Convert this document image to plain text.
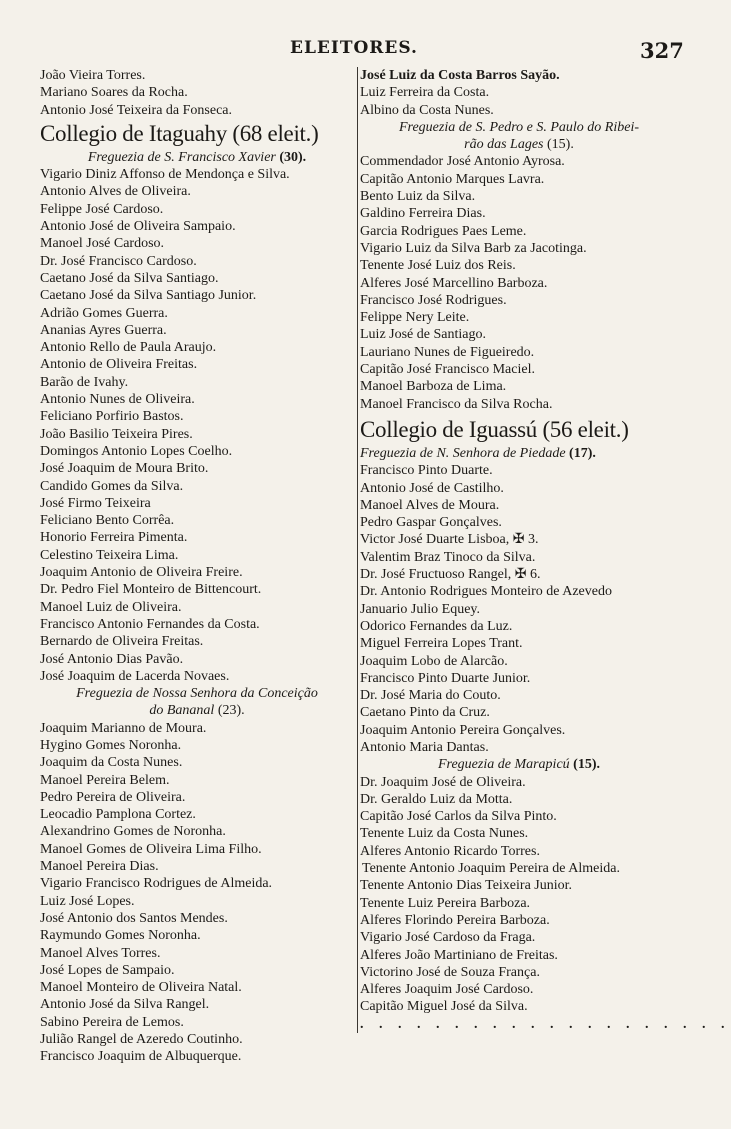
ELEITORES.	327
João Vieira Torres.
Mariano Soares da Rocha.
Antonio José Teixeira da Fonseca.
Collegio de Itaguahy (68 eleit.)
Freguezia de S. Francisco Xavier (30).
Vigario Diniz Affonso de Mendonça e Silva.
Antonio Alves de Oliveira.
Felippe José Cardoso.
Antonio José de Oliveira Sampaio.
Manoel José Cardoso.
Dr. José Francisco Cardoso.
Caetano José da Silva Santiago.
Caetano José da Silva Santiago Junior.
Adrião Gomes Guerra.
Ananias Ayres Guerra.
Antonio Rello de Paula Araujo.
Antonio de Oliveira Freitas.
Barão de Ivahy.
Antonio Nunes de Oliveira.
Feliciano Porfirio Bastos.
João Basilio Teixeira Pires.
Domingos Antonio Lopes Coelho.
José Joaquim de Moura Brito.
Candido Gomes da Silva.
José Firmo Teixeira
Feliciano Bento Corrêa.
Honorio Ferreira Pimenta.
Celestino Teixeira Lima.
Joaquim Antonio de Oliveira Freire.
Dr. Pedro Fiel Monteiro de Bittencourt.
Manoel Luiz de Oliveira.
Francisco Antonio Fernandes da Costa.
Bernardo de Oliveira Freitas.
José Antonio Dias Pavão.
José Joaquim de Lacerda Novaes.
Freguezia de Nossa Senhora da Conceição
do Bananal (23).
Joaquim Marianno de Moura.
Hygino Gomes Noronha.
Joaquim da Costa Nunes.
Manoel Pereira Belem.
Pedro Pereira de Oliveira.
Leocadio Pamplona Cortez.
Alexandrino Gomes de Noronha.
Manoel Gomes de Oliveira Lima Filho.
Manoel Pereira Dias.
Vigario Francisco Rodrigues de Almeida.
Luiz José Lopes.
José Antonio dos Santos Mendes.
Raymundo Gomes Noronha.
Manoel Alves Torres.
José Lopes de Sampaio.
Manoel Monteiro de Oliveira Natal.
Antonio José da Silva Rangel.
Sabino Pereira de Lemos.
Julião Rangel de Azeredo Coutinho.
Francisco Joaquim de Albuquerque.
José Luiz da Costa Barros Sayão.
Luiz Ferreira da Costa.
Albino da Costa Nunes.
Freguezia de S. Pedro e S. Paulo do Ribei-
rão das Lages (15).
Commendador José Antonio Ayrosa.
Capitão Antonio Marques Lavra.
Bento Luiz da Silva.
Galdino Ferreira Dias.
Garcia Rodrigues Paes Leme.
Vigario Luiz da Silva Barb za Jacotinga.
Tenente José Luiz dos Reis.
Alferes José Marcellino Barboza.
Francisco José Rodrigues.
Felippe Nery Leite.
Luiz José de Santiago.
Lauriano Nunes de Figueiredo.
Capitão José Francisco Maciel.
Manoel Barboza de Lima.
Manoel Francisco da Silva Rocha.
Collegio de Iguassú (56 eleit.)
Freguezia de N. Senhora de Piedade (17).
Francisco Pinto Duarte.
Antonio José de Castilho.
Manoel Alves de Moura.
Pedro Gaspar Gonçalves.
Victor José Duarte Lisboa, ✠ 3.
Valentim Braz Tinoco da Silva.
Dr. José Fructuoso Rangel, ✠ 6.
Dr. Antonio Rodrigues Monteiro de Azevedo
Januario Julio Equey.
Odorico Fernandes da Luz.
Miguel Ferreira Lopes Trant.
Joaquim Lobo de Alarcão.
Francisco Pinto Duarte Junior.
Dr. José Maria do Couto.
Caetano Pinto da Cruz.
Joaquim Antonio Pereira Gonçalves.
Antonio Maria Dantas.
Freguezia de Marapicú (15).
Dr. Joaquim José de Oliveira.
Dr. Geraldo Luiz da Motta.
Capitão José Carlos da Silva Pinto.
Tenente Luiz da Costa Nunes.
Alferes Antonio Ricardo Torres.
Tenente Antonio Joaquim Pereira de Almeida.
Tenente Antonio Dias Teixeira Junior.
Tenente Luiz Pereira Barboza.
Alferes Florindo Pereira Barboza.
Vigario José Cardoso da Fraga.
Alferes João Martiniano de Freitas.
Victorino José de Souza França.
Alferes Joaquim José Cardoso.
Capitão Miguel José da Silva.
. . . . . . . . . . . . . . . . . . . .
